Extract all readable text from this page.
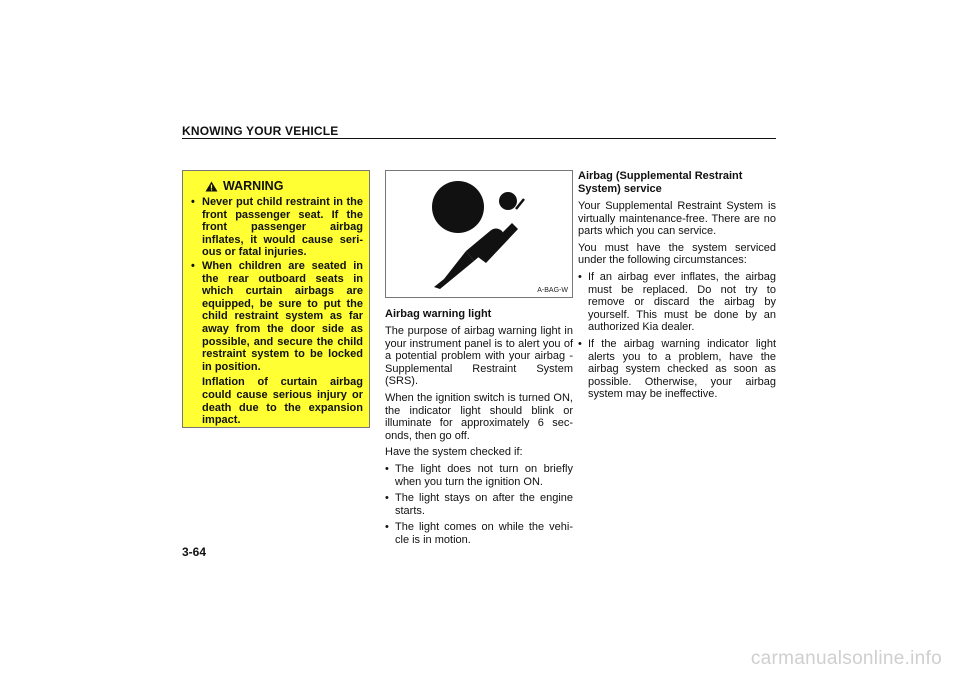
KNOWING YOUR VEHICLE
WARNING
• Never put child restraint in the front passenger seat. If the front passenger airbag inflates, it would cause seri-ous or fatal injuries.

• When children are seated in the rear outboard seats in which curtain airbags are equipped, be sure to put the child restraint system as far away from the door side as possible, and secure the child restraint system to be locked in position.

Inflation of curtain airbag could cause serious injury or death due to the expansion impact.

A-BAG-W
Airbag warning light

The purpose of airbag warning light in your instrument panel is to alert you of a potential problem with your airbag - Supplemental Restraint System (SRS).

When the ignition switch is turned ON, the indicator light should blink or illuminate for approximately 6 sec-onds, then go off.

Have the system checked if:

• The light does not turn on briefly when you turn the ignition ON.
• The light stays on after the engine starts.
• The light comes on while the vehi-cle is in motion.
Airbag (Supplemental Restraint System) service

Your Supplemental Restraint System is virtually maintenance-free. There are no parts which you can service.

You must have the system serviced under the following circumstances:

• If an airbag ever inflates, the airbag must be replaced. Do not try to remove or discard the airbag by yourself. This must be done by an authorized Kia dealer.
• If the airbag warning indicator light alerts you to a problem, have the airbag system checked as soon as possible. Otherwise, your airbag system may be ineffective.
3-64
carmanualsonline.info
